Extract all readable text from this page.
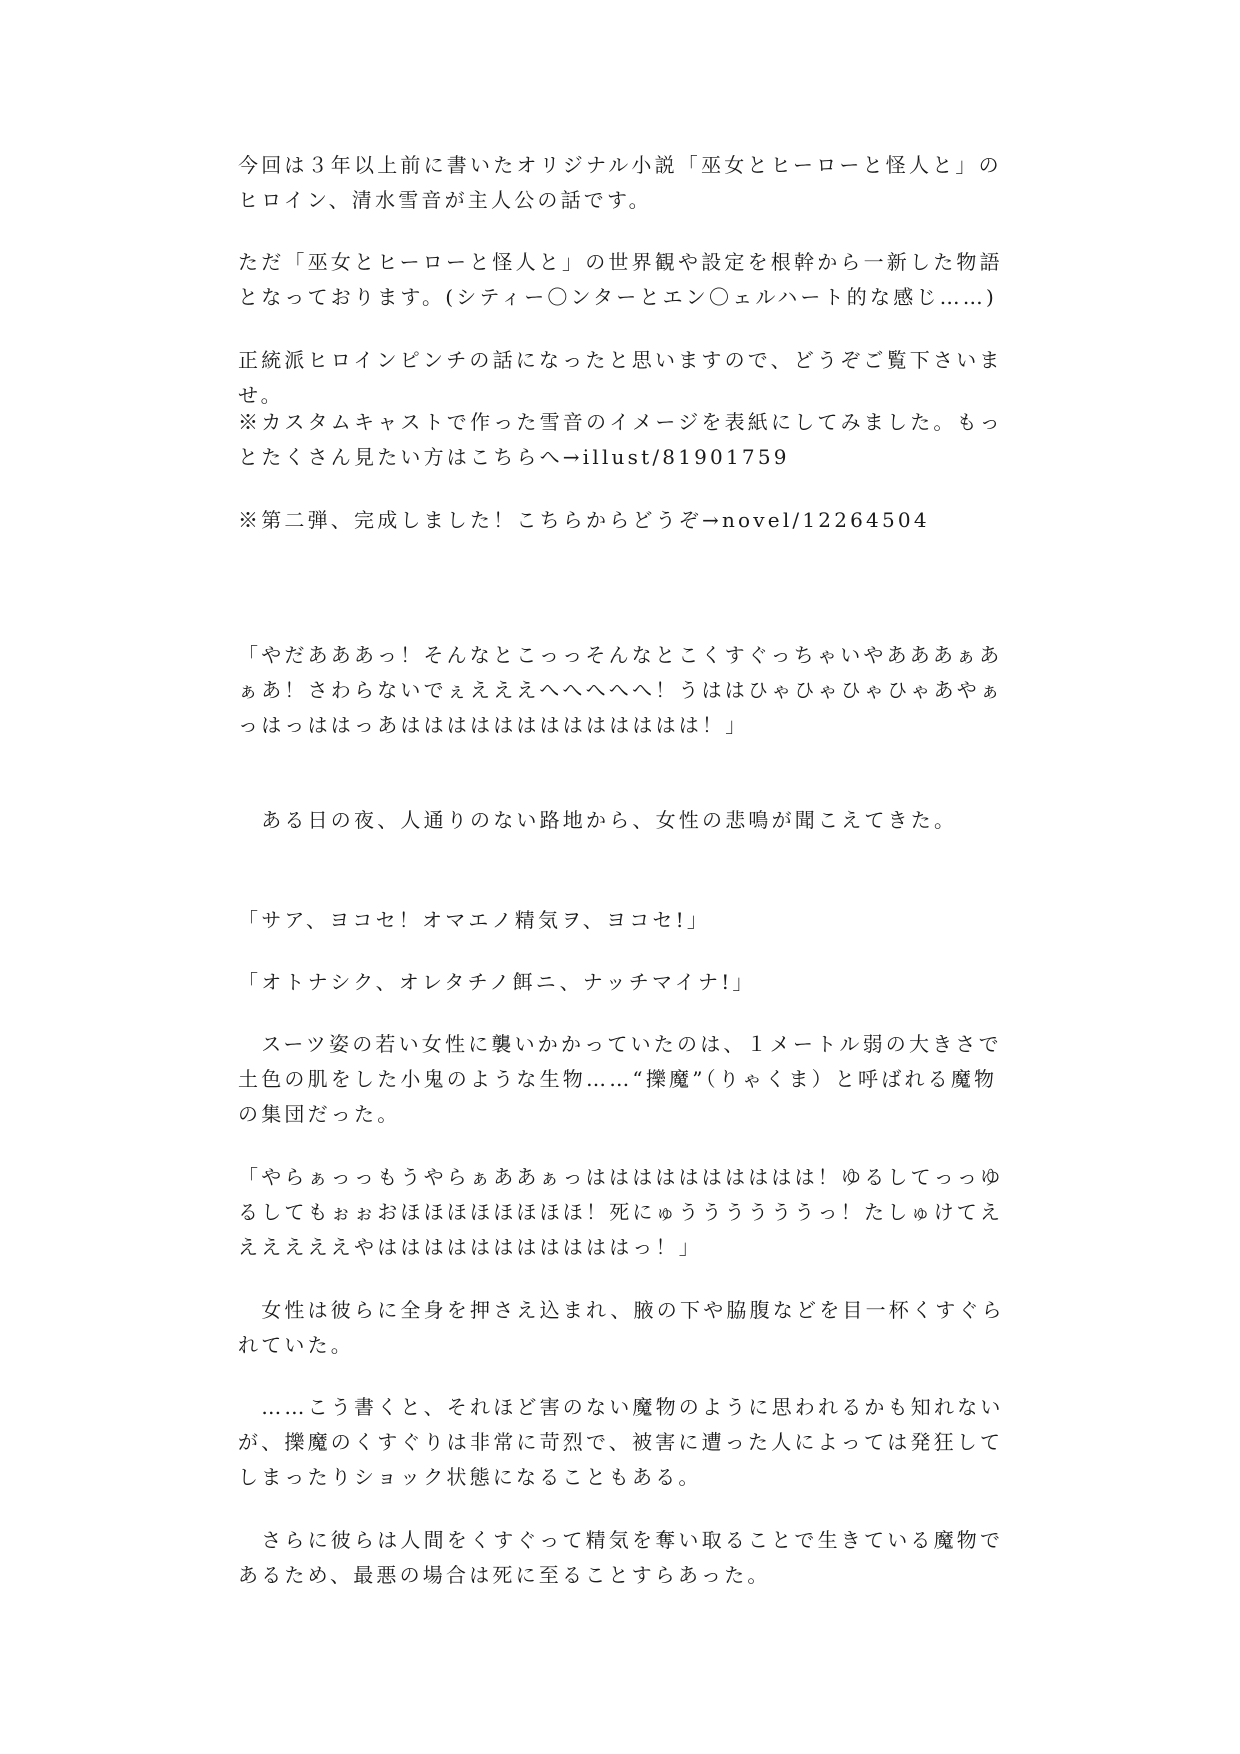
今回は３年以上前に書いたオリジナル小説「巫女とヒーローと怪人と」のヒロイン、清水雪音が主人公の話です。
ただ「巫女とヒーローと怪人と」の世界観や設定を根幹から一新した物語となっております。(シティー〇ンターとエン〇ェルハート的な感じ……)
正統派ヒロインピンチの話になったと思いますので、どうぞご覧下さいませ。
※カスタムキャストで作った雪音のイメージを表紙にしてみました。もっとたくさん見たい方はこちらへ→illust/81901759
※第二弾、完成しました！こちらからどうぞ→novel/12264504
「やだあああっ！そんなとこっっそんなとこくすぐっちゃいやあああぁあぁあ！さわらないでぇえええへへへへへ！うははひゃひゃひゃひゃあやぁっはっははっあははははははははははははは！」
　ある日の夜、人通りのない路地から、女性の悲鳴が聞こえてきた。
「サア、ヨコセ！オマエノ精気ヲ、ヨコセ!」
「オトナシク、オレタチノ餌ニ、ナッチマイナ!」
　スーツ姿の若い女性に襲いかかっていたのは、１メートル弱の大きさで土色の肌をした小鬼のような生物……“擽魔”（りゃくま）と呼ばれる魔物の集団だった。
「やらぁっっもうやらぁああぁっはははははははははは！ゆるしてっっゆるしてもぉぉおほほほほほほほほ！死にゅううううううっ！たしゅけてええええええやはははははははははははっ！」
　女性は彼らに全身を押さえ込まれ、腋の下や脇腹などを目一杯くすぐられていた。
　……こう書くと、それほど害のない魔物のように思われるかも知れないが、擽魔のくすぐりは非常に苛烈で、被害に遭った人によっては発狂してしまったりショック状態になることもある。
　さらに彼らは人間をくすぐって精気を奪い取ることで生きている魔物であるため、最悪の場合は死に至ることすらあった。
